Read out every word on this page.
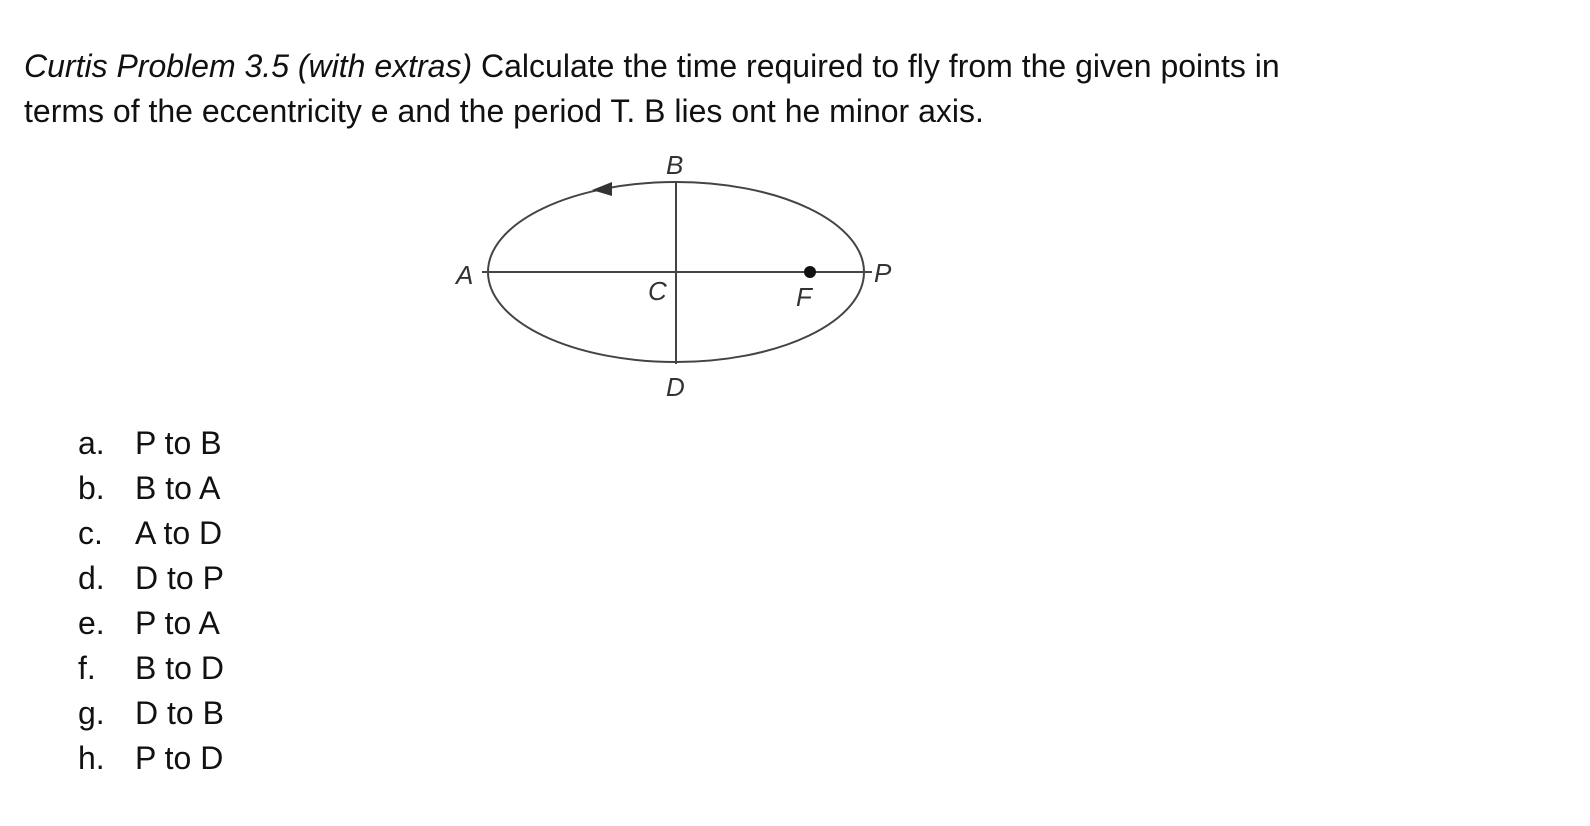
Curtis Problem 3.5 (with extras) Calculate the time required to fly from the given points in
terms of the eccentricity e and the period T. B lies ont he minor axis.

B
A
C	F
P
D
a. P to B
b. B to A
c.	A to D
d. D to P
e. P to A
f.	B to D
g. D to B
h. P to D
